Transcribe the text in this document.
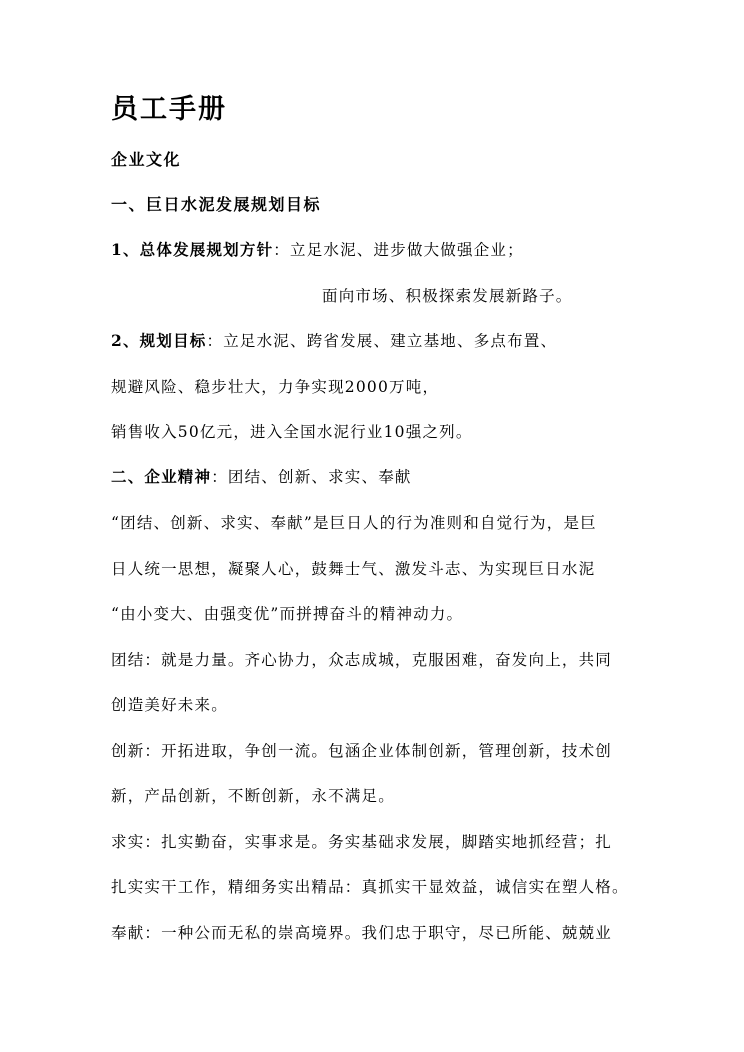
员工手册
企业文化
一、巨日水泥发展规划目标
1、总体发展规划方针：立足水泥、进步做大做强企业；
面向市场、积极探索发展新路子。
2、规划目标：立足水泥、跨省发展、建立基地、多点布置、
规避风险、稳步壮大，力争实现2000万吨，
销售收入50亿元，进入全国水泥行业10强之列。
二、企业精神：团结、创新、求实、奉献
“团结、创新、求实、奉献”是巨日人的行为准则和自觉行为，是巨
日人统一思想，凝聚人心，鼓舞士气、激发斗志、为实现巨日水泥
“由小变大、由强变优”而拼搏奋斗的精神动力。
团结：就是力量。齐心协力，众志成城，克服困难，奋发向上，共同
创造美好未来。
创新：开拓进取，争创一流。包涵企业体制创新，管理创新，技术创
新，产品创新，不断创新，永不满足。
求实：扎实勤奋，实事求是。务实基础求发展，脚踏实地抓经营；扎
扎实实干工作，精细务实出精品：真抓实干显效益，诚信实在塑人格。
奉献：一种公而无私的崇高境界。我们忠于职守，尽已所能、兢兢业
